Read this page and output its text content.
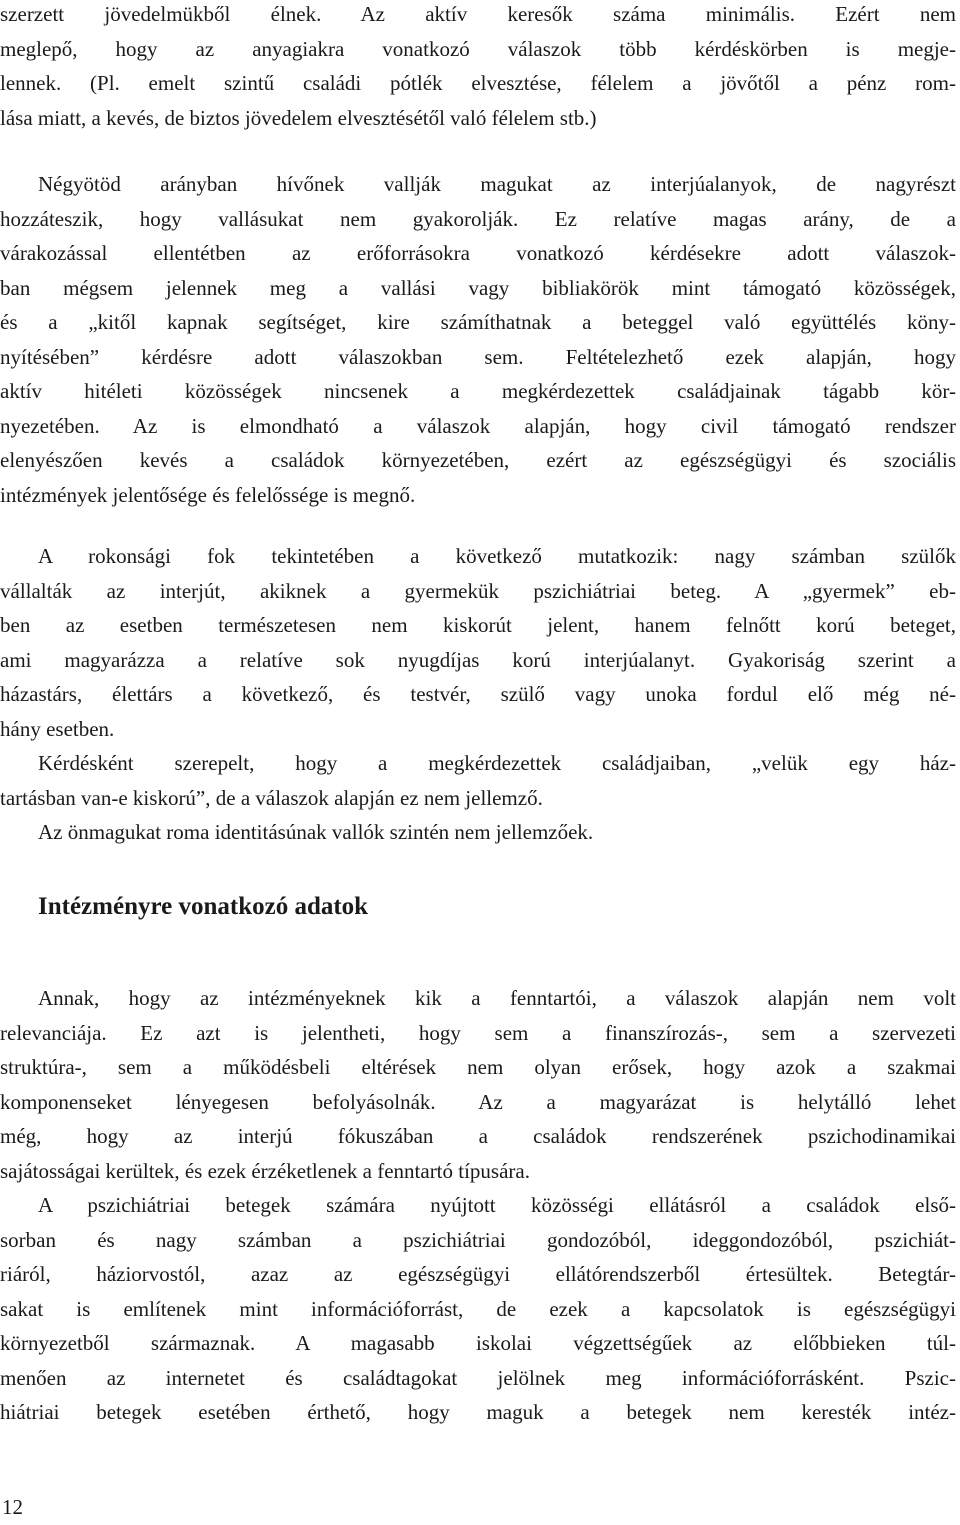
szerzett jövedelmükből élnek. Az aktív keresők száma minimális. Ezért nem
meglepő, hogy az anyagiakra vonatkozó válaszok több kérdéskörben is megje-
lennek. (Pl. emelt szintű családi pótlék elvesztése, félelem a jövőtől a pénz rom-
lása miatt, a kevés, de biztos jövedelem elvesztésétől való félelem stb.)
Négyötöd arányban hívőnek vallják magukat az interjúalanyok, de nagyrészt
hozzáteszik, hogy vallásukat nem gyakorolják. Ez relatíve magas arány, de a
várakozással ellentétben az erőforrásokra vonatkozó kérdésekre adott válaszok-
ban mégsem jelennek meg a vallási vagy bibliakörök mint támogató közösségek,
és a „kitől kapnak segítséget, kire számíthatnak a beteggel való együttélés köny-
nyítésében” kérdésre adott válaszokban sem. Feltételezhető ezek alapján, hogy
aktív hitéleti közösségek nincsenek a megkérdezettek családjainak tágabb kör-
nyezetében. Az is elmondható a válaszok alapján, hogy civil támogató rendszer
elenyészően kevés a családok környezetében, ezért az egészségügyi és szociális
intézmények jelentősége és felelőssége is megnő.
A rokonsági fok tekintetében a következő mutatkozik: nagy számban szülők
vállalták az interjút, akiknek a gyermekük pszichiátriai beteg. A „gyermek” eb-
ben az esetben természetesen nem kiskorút jelent, hanem felnőtt korú beteget,
ami magyarázza a relatíve sok nyugdíjas korú interjúalanyt. Gyakoriság szerint a
házastárs, élettárs a következő, és testvér, szülő vagy unoka fordul elő még né-
hány esetben.
Kérdésként szerepelt, hogy a megkérdezettek családjaiban, „velük egy ház-
tartásban van-e kiskorú”, de a válaszok alapján ez nem jellemző.
Az önmagukat roma identitásúnak vallók szintén nem jellemzőek.
Intézményre vonatkozó adatok
Annak, hogy az intézményeknek kik a fenntartói, a válaszok alapján nem volt
relevanciája. Ez azt is jelentheti, hogy sem a finanszírozás-, sem a szervezeti
struktúra-, sem a működésbeli eltérések nem olyan erősek, hogy azok a szakmai
komponenseket lényegesen befolyásolnák. Az a magyarázat is helytálló lehet
még, hogy az interjú fókuszában a családok rendszerének pszichodinamikai
sajátosságai kerültek, és ezek érzéketlenek a fenntartó típusára.
A pszichiátriai betegek számára nyújtott közösségi ellátásról a családok első-
sorban és nagy számban a pszichiátriai gondozóból, ideggondozóból, pszichiát-
riáról, háziorvostól, azaz az egészségügyi ellátórendszerből értesültek. Betegtár-
sakat is említenek mint információforrást, de ezek a kapcsolatok is egészségügyi
környezetből származnak. A magasabb iskolai végzettségűek az előbbieken túl-
menően az internetet és családtagokat jelölnek meg információforrásként. Pszic-
hiátriai betegek esetében érthető, hogy maguk a betegek nem keresték intéz-
12
